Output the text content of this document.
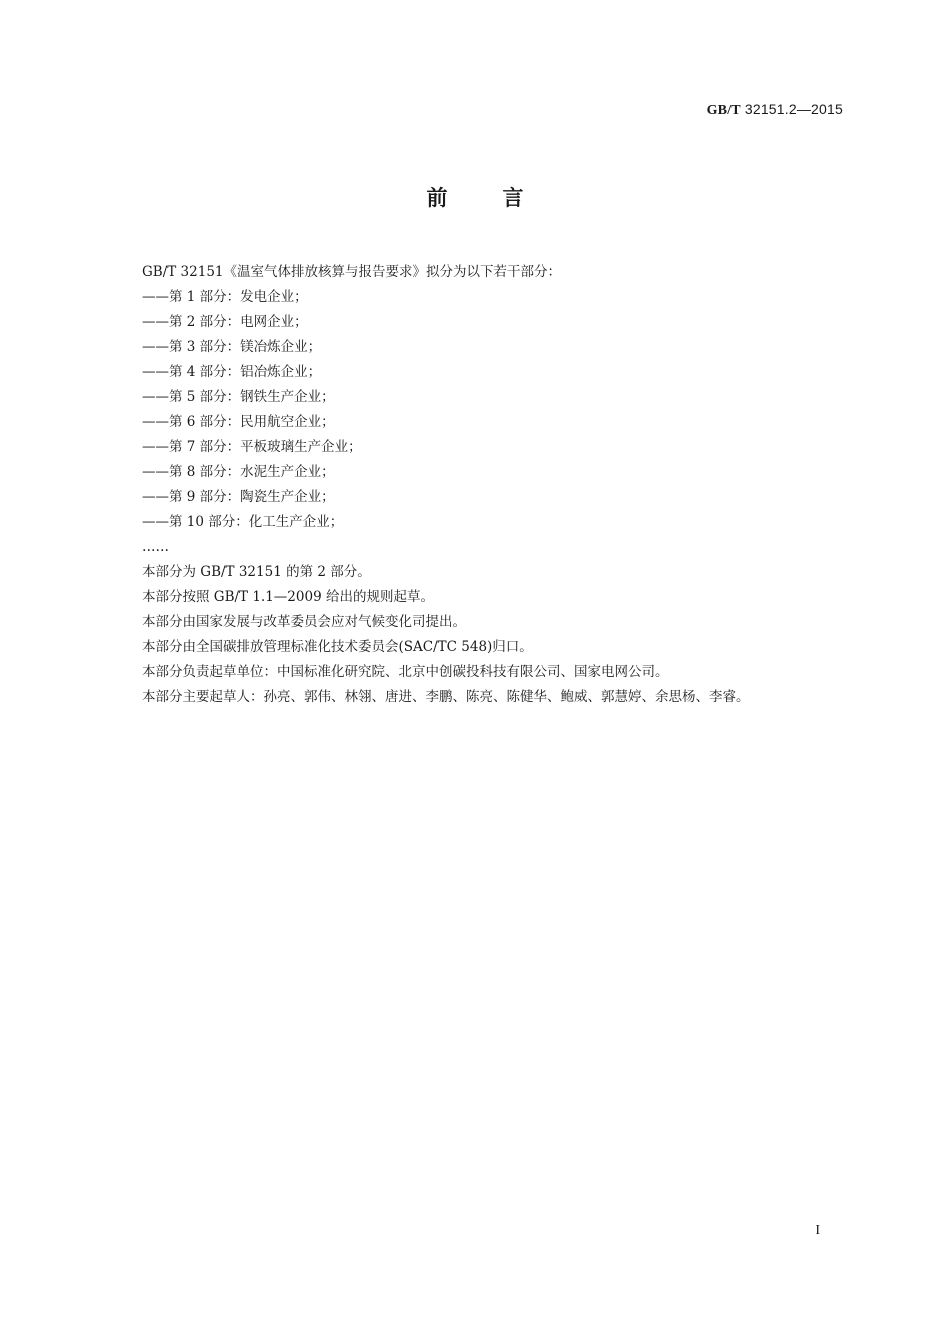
GB/T 32151.2—2015
前言
GB/T 32151《温室气体排放核算与报告要求》拟分为以下若干部分：
——第 1 部分：发电企业；
——第 2 部分：电网企业；
——第 3 部分：镁冶炼企业；
——第 4 部分：铝冶炼企业；
——第 5 部分：钢铁生产企业；
——第 6 部分：民用航空企业；
——第 7 部分：平板玻璃生产企业；
——第 8 部分：水泥生产企业；
——第 9 部分：陶瓷生产企业；
——第 10 部分：化工生产企业；
……
本部分为 GB/T 32151 的第 2 部分。
本部分按照 GB/T 1.1—2009 给出的规则起草。
本部分由国家发展与改革委员会应对气候变化司提出。
本部分由全国碳排放管理标准化技术委员会(SAC/TC 548)归口。
本部分负责起草单位：中国标准化研究院、北京中创碳投科技有限公司、国家电网公司。
本部分主要起草人：孙亮、郭伟、林翎、唐进、李鹏、陈亮、陈健华、鲍威、郭慧婷、余思杨、李睿。
I
